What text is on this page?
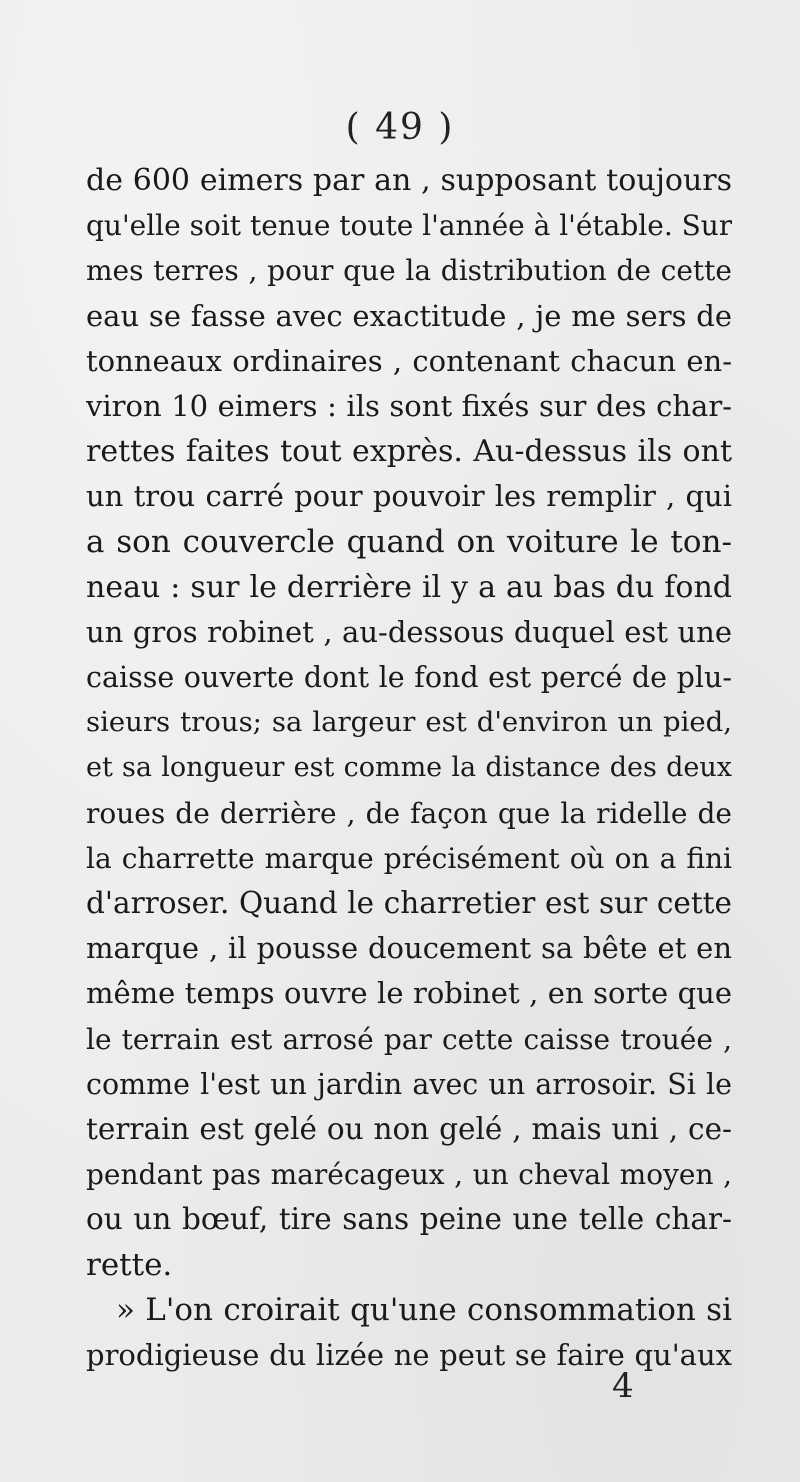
( 49 )
de 600 eimers par an , supposant toujours
qu'elle soit tenue toute l'année à l'étable. Sur
mes terres , pour que la distribution de cette
eau se fasse avec exactitude , je me sers de
tonneaux ordinaires , contenant chacun en-
viron 10 eimers : ils sont fixés sur des char-
rettes faites tout exprès. Au-dessus ils ont
un trou carré pour pouvoir les remplir , qui
a son couvercle quand on voiture le ton-
neau : sur le derrière il y a au bas du fond
un gros robinet , au-dessous duquel est une
caisse ouverte dont le fond est percé de plu-
sieurs trous; sa largeur est d'environ un pied,
et sa longueur est comme la distance des deux
roues de derrière , de façon que la ridelle de
la charrette marque précisément où on a fini
d'arroser. Quand le charretier est sur cette
marque , il pousse doucement sa bête et en
même temps ouvre le robinet , en sorte que
le terrain est arrosé par cette caisse trouée ,
comme l'est un jardin avec un arrosoir. Si le
terrain est gelé ou non gelé , mais uni , ce-
pendant pas marécageux , un cheval moyen ,
ou un bœuf, tire sans peine une telle char-
rette.
» L'on croirait qu'une consommation si
prodigieuse du lizée ne peut se faire qu'aux
4
